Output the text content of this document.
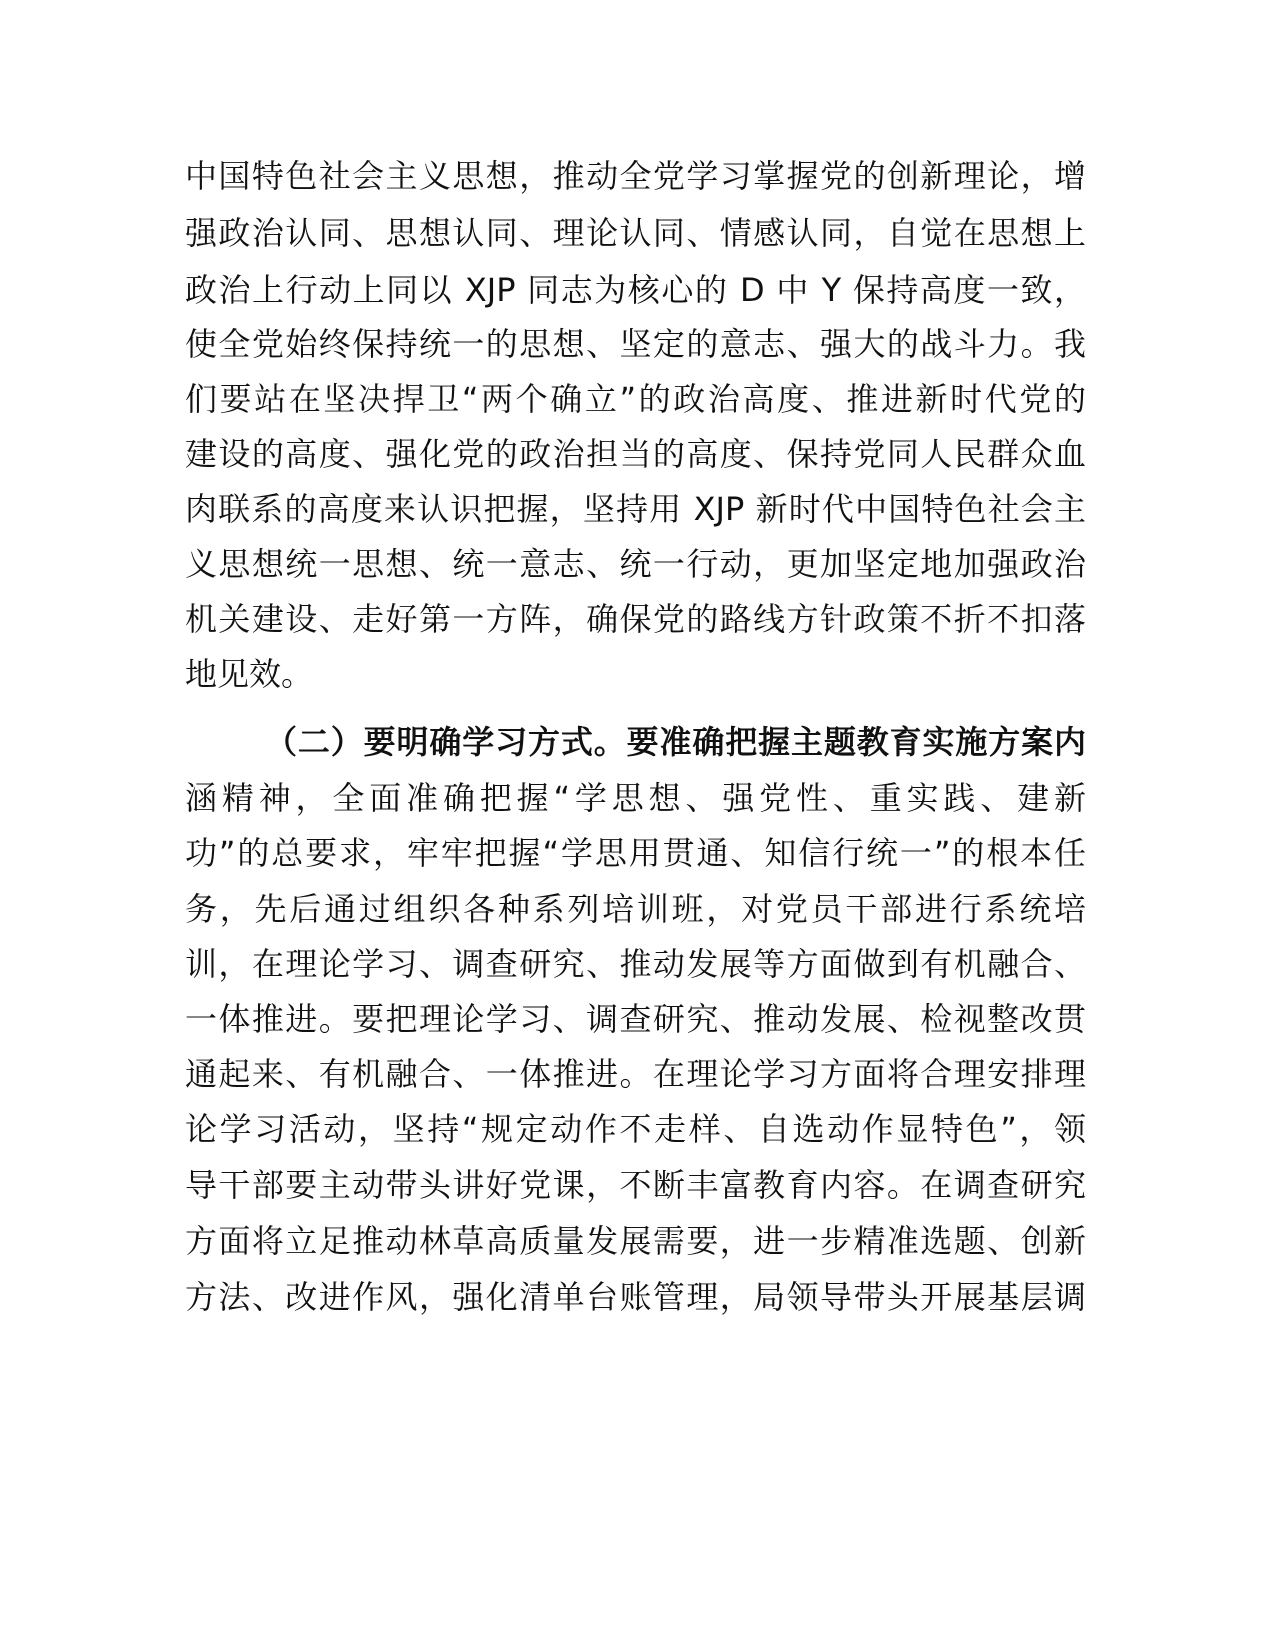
中国特色社会主义思想，推动全党学习掌握党的创新理论，增
强政治认同、思想认同、理论认同、情感认同，自觉在思想上
政治上行动上同以 XJP 同志为核心的 D 中 Y 保持高度一致，
使全党始终保持统一的思想、坚定的意志、强大的战斗力。我
们要站在坚决捍卫“两个确立”的政治高度、推进新时代党的
建设的高度、强化党的政治担当的高度、保持党同人民群众血
肉联系的高度来认识把握，坚持用 XJP 新时代中国特色社会主
义思想统一思想、统一意志、统一行动，更加坚定地加强政治
机关建设、走好第一方阵，确保党的路线方针政策不折不扣落
地见效。
（二）要明确学习方式。要准确把握主题教育实施方案内
涵精神，全面准确把握“学思想、强党性、重实践、建新
功”的总要求，牢牢把握“学思用贯通、知信行统一”的根本任
务，先后通过组织各种系列培训班，对党员干部进行系统培
训，在理论学习、调查研究、推动发展等方面做到有机融合、
一体推进。要把理论学习、调查研究、推动发展、检视整改贯
通起来、有机融合、一体推进。在理论学习方面将合理安排理
论学习活动，坚持“规定动作不走样、自选动作显特色”，领
导干部要主动带头讲好党课，不断丰富教育内容。在调查研究
方面将立足推动林草高质量发展需要，进一步精准选题、创新
方法、改进作风，强化清单台账管理，局领导带头开展基层调
